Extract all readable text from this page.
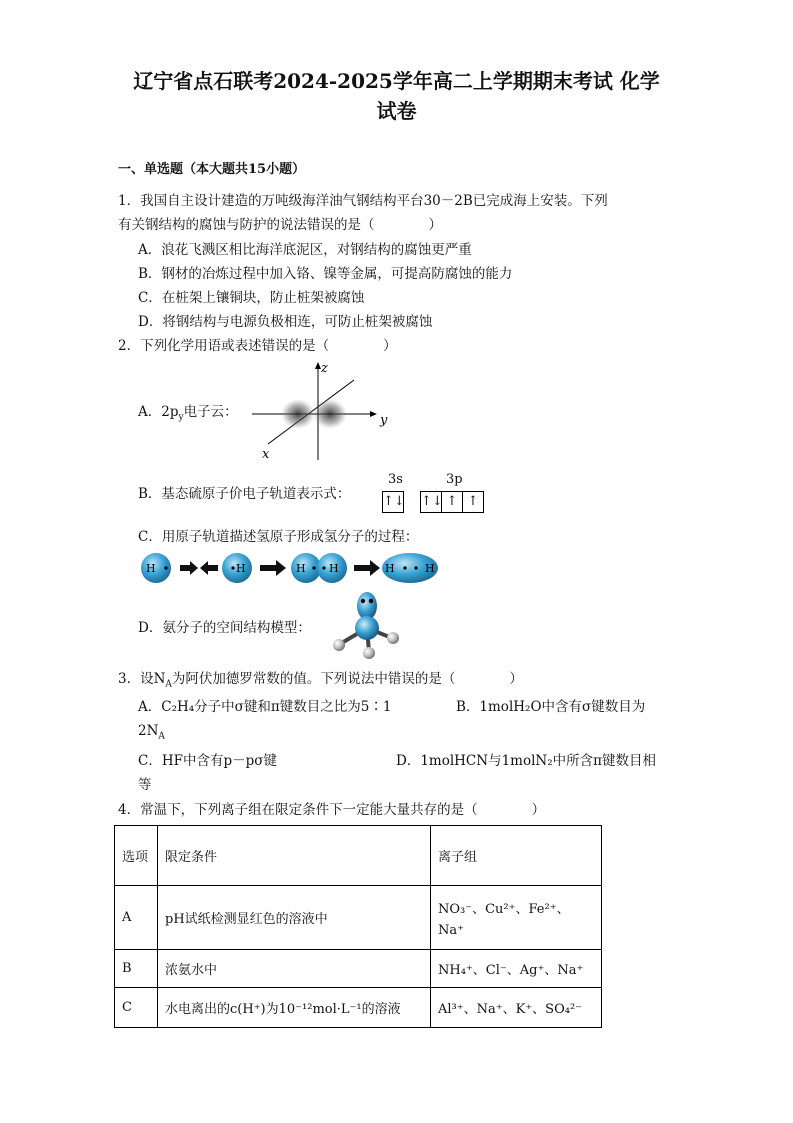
辽宁省点石联考2024-2025学年高二上学期期末考试 化学
试卷
一、单选题（本大题共15小题）
1．我国自主设计建造的万吨级海洋油气钢结构平台30－2B已完成海上安装。下列
有关钢结构的腐蚀与防护的说法错误的是（　　　　）
A．浪花飞溅区相比海洋底泥区，对钢结构的腐蚀更严重
B．钢材的冶炼过程中加入铬、镍等金属，可提高防腐蚀的能力
C．在桩架上镶铜块，防止桩架被腐蚀
D．将钢结构与电源负极相连，可防止桩架被腐蚀
2．下列化学用语或表述错误的是（　　　　）
A．$2p_y$电子云：
z
y
x
B．基态硫原子价电子轨道表示式：
3s	3p
↑↓ ↑↓ ↑ ↑
C．用原子轨道描述氢原子形成氢分子的过程：
H	H	H H	H	H
D．氨分子的空间结构模型：
3．设$N_A$为阿伏加德罗常数的值。下列说法中错误的是（　　　　）
A．C₂H₄分子中σ键和π键数目之比为5∶1	B．1molH₂O中含有σ键数目为
$2N_A$
C．HF中含有p－pσ键	D．1molHCN与1molN₂中所含π键数目相
等
4．常温下，下列离子组在限定条件下一定能大量共存的是（　　　　）
选项	限定条件	离子组
A	pH试纸检测显红色的溶液中	NO₃⁻、Cu²⁺、Fe²⁺、
Na⁺

B	浓氨水中	NH₄⁺、Cl⁻、Ag⁺、Na⁺
C	水电离出的c(H⁺)为10⁻¹²mol·L⁻¹的溶液	Al³⁺、Na⁺、K⁺、SO₄²⁻
